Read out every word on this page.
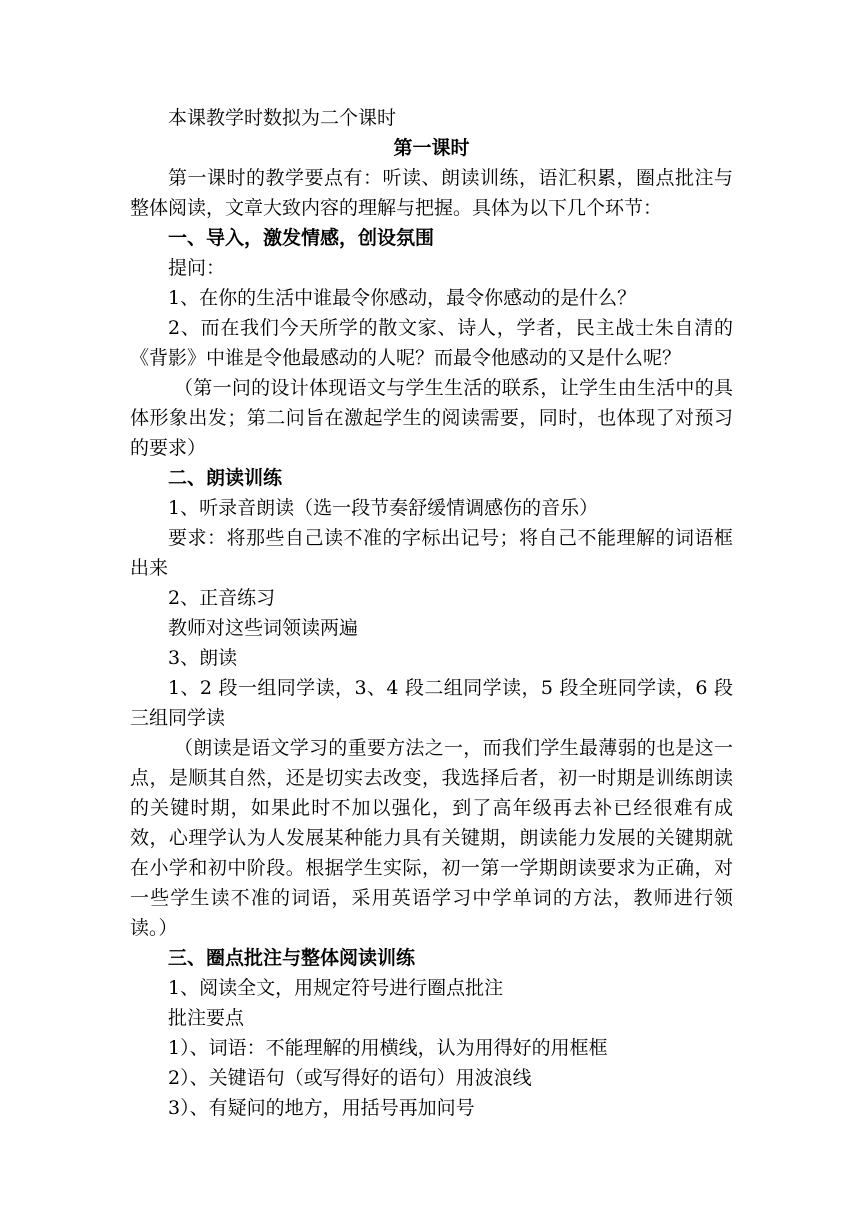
本课教学时数拟为二个课时

第一课时

第一课时的教学要点有：听读、朗读训练，语汇积累，圈点批注与整体阅读，文章大致内容的理解与把握。具体为以下几个环节：

一、导入，激发情感，创设氛围

提问：

1、在你的生活中谁最令你感动，最令你感动的是什么？

2、而在我们今天所学的散文家、诗人，学者，民主战士朱自清的《背影》中谁是令他最感动的人呢？而最令他感动的又是什么呢？

（第一问的设计体现语文与学生生活的联系，让学生由生活中的具体形象出发；第二问旨在激起学生的阅读需要，同时，也体现了对预习的要求）

二、朗读训练

1、听录音朗读（选一段节奏舒缓情调感伤的音乐）

要求：将那些自己读不准的字标出记号；将自己不能理解的词语框出来

2、正音练习

教师对这些词领读两遍

3、朗读

1、2 段一组同学读，3、4 段二组同学读，5 段全班同学读，6 段三组同学读

（朗读是语文学习的重要方法之一，而我们学生最薄弱的也是这一点，是顺其自然，还是切实去改变，我选择后者，初一时期是训练朗读的关键时期，如果此时不加以强化，到了高年级再去补已经很难有成效，心理学认为人发展某种能力具有关键期，朗读能力发展的关键期就在小学和初中阶段。根据学生实际，初一第一学期朗读要求为正确，对一些学生读不准的词语，采用英语学习中学单词的方法，教师进行领读。）

三、圈点批注与整体阅读训练

1、阅读全文，用规定符号进行圈点批注

批注要点

1）、词语：不能理解的用横线，认为用得好的用框框

2）、关键语句（或写得好的语句）用波浪线

3）、有疑问的地方，用括号再加问号
